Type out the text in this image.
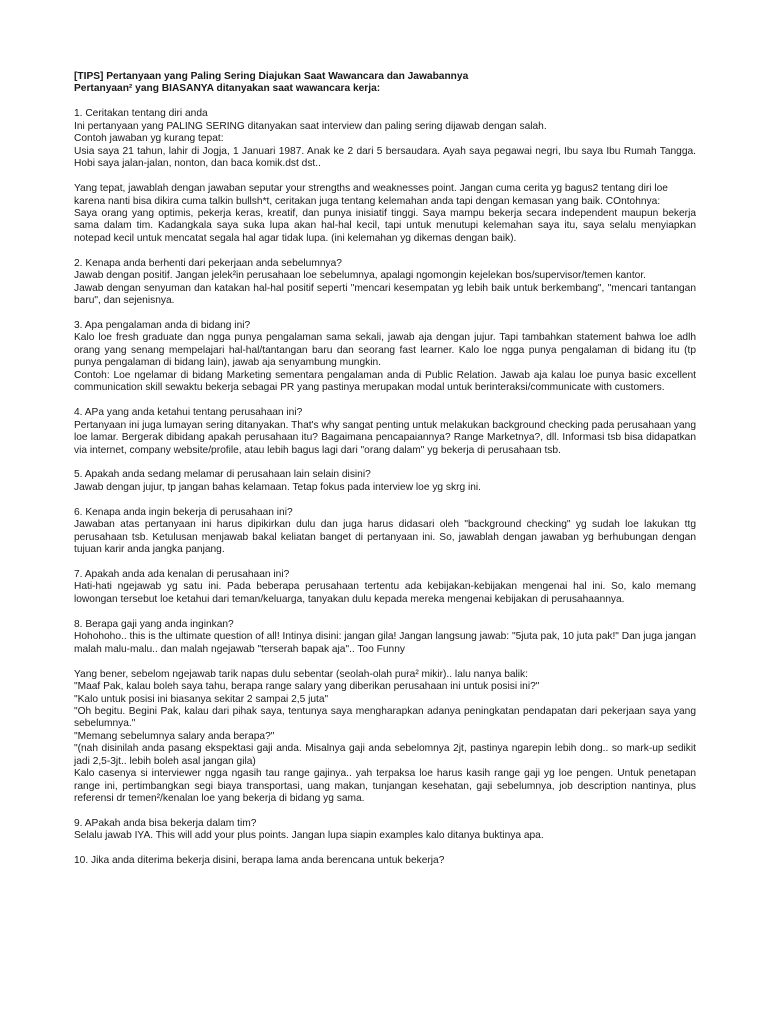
[TIPS] Pertanyaan yang Paling Sering Diajukan Saat Wawancara dan Jawabannya
Pertanyaan² yang BIASANYA ditanyakan saat wawancara kerja:
1. Ceritakan tentang diri anda
Ini pertanyaan yang PALING SERING ditanyakan saat interview dan paling sering dijawab dengan salah.
Contoh jawaban yg kurang tepat:
Usia saya 21 tahun, lahir di Jogja, 1 Januari 1987. Anak ke 2 dari 5 bersaudara. Ayah saya pegawai negri, Ibu saya Ibu Rumah Tangga. Hobi saya jalan-jalan, nonton, dan baca komik.dst dst..
Yang tepat, jawablah dengan jawaban seputar your strengths and weaknesses point. Jangan cuma cerita yg bagus2 tentang diri loe karena nanti bisa dikira cuma talkin bullsh*t, ceritakan juga tentang kelemahan anda tapi dengan kemasan yang baik. COntohnya:
Saya orang yang optimis, pekerja keras, kreatif, dan punya inisiatif tinggi. Saya mampu bekerja secara independent maupun bekerja sama dalam tim. Kadangkala saya suka lupa akan hal-hal kecil, tapi untuk menutupi kelemahan saya itu, saya selalu menyiapkan notepad kecil untuk mencatat segala hal agar tidak lupa. (ini kelemahan yg dikemas dengan baik).
2. Kenapa anda berhenti dari pekerjaan anda sebelumnya?
Jawab dengan positif. Jangan jelek²in perusahaan loe sebelumnya, apalagi ngomongin kejelekan bos/supervisor/temen kantor.
Jawab dengan senyuman dan katakan hal-hal positif seperti "mencari kesempatan yg lebih baik untuk berkembang", "mencari tantangan baru", dan sejenisnya.
3. Apa pengalaman anda di bidang ini?
Kalo loe fresh graduate dan ngga punya pengalaman sama sekali, jawab aja dengan jujur. Tapi tambahkan statement bahwa loe adlh orang yang senang mempelajari hal-hal/tantangan baru dan seorang fast learner. Kalo loe ngga punya pengalaman di bidang itu (tp punya pengalaman di bidang lain), jawab aja senyambung mungkin.
Contoh: Loe ngelamar di bidang Marketing sementara pengalaman anda di Public Relation. Jawab aja kalau loe punya basic excellent communication skill sewaktu bekerja sebagai PR yang pastinya merupakan modal untuk berinteraksi/communicate with customers.
4. APa yang anda ketahui tentang perusahaan ini?
Pertanyaan ini juga lumayan sering ditanyakan. That's why sangat penting untuk melakukan background checking pada perusahaan yang loe lamar. Bergerak dibidang apakah perusahaan itu? Bagaimana pencapaiannya? Range Marketnya?, dll. Informasi tsb bisa didapatkan via internet, company website/profile, atau lebih bagus lagi dari "orang dalam" yg bekerja di perusahaan tsb.
5. Apakah anda sedang melamar di perusahaan lain selain disini?
Jawab dengan jujur, tp jangan bahas kelamaan. Tetap fokus pada interview loe yg skrg ini.
6. Kenapa anda ingin bekerja di perusahaan ini?
Jawaban atas pertanyaan ini harus dipikirkan dulu dan juga harus didasari oleh "background checking" yg sudah loe lakukan ttg perusahaan tsb. Ketulusan menjawab bakal keliatan banget di pertanyaan ini. So, jawablah dengan jawaban yg berhubungan dengan tujuan karir anda jangka panjang.
7. Apakah anda ada kenalan di perusahaan ini?
Hati-hati ngejawab yg satu ini. Pada beberapa perusahaan tertentu ada kebijakan-kebijakan mengenai hal ini. So, kalo memang lowongan tersebut loe ketahui dari teman/keluarga, tanyakan dulu kepada mereka mengenai kebijakan di perusahaannya.
8. Berapa gaji yang anda inginkan?
Hohohoho.. this is the ultimate question of all! Intinya disini: jangan gila! Jangan langsung jawab: "5juta pak, 10 juta pak!" Dan juga jangan malah malu-malu.. dan malah ngejawab "terserah bapak aja".. Too Funny
Yang bener, sebelom ngejawab tarik napas dulu sebentar (seolah-olah pura² mikir).. lalu nanya balik:
"Maaf Pak, kalau boleh saya tahu, berapa range salary yang diberikan perusahaan ini untuk posisi ini?"
"Kalo untuk posisi ini biasanya sekitar 2 sampai 2,5 juta"
"Oh begitu. Begini Pak, kalau dari pihak saya, tentunya saya mengharapkan adanya peningkatan pendapatan dari pekerjaan saya yang sebelumnya."
"Memang sebelumnya salary anda berapa?"
"(nah disinilah anda pasang ekspektasi gaji anda. Misalnya gaji anda sebelomnya 2jt, pastinya ngarepin lebih dong.. so mark-up sedikit jadi 2,5-3jt.. lebih boleh asal jangan gila)
Kalo casenya si interviewer ngga ngasih tau range gajinya.. yah terpaksa loe harus kasih range gaji yg loe pengen. Untuk penetapan range ini, pertimbangkan segi biaya transportasi, uang makan, tunjangan kesehatan, gaji sebelumnya, job description nantinya, plus referensi dr temen²/kenalan loe yang bekerja di bidang yg sama.
9. APakah anda bisa bekerja dalam tim?
Selalu jawab IYA. This will add your plus points. Jangan lupa siapin examples kalo ditanya buktinya apa.
10. Jika anda diterima bekerja disini, berapa lama anda berencana untuk bekerja?
